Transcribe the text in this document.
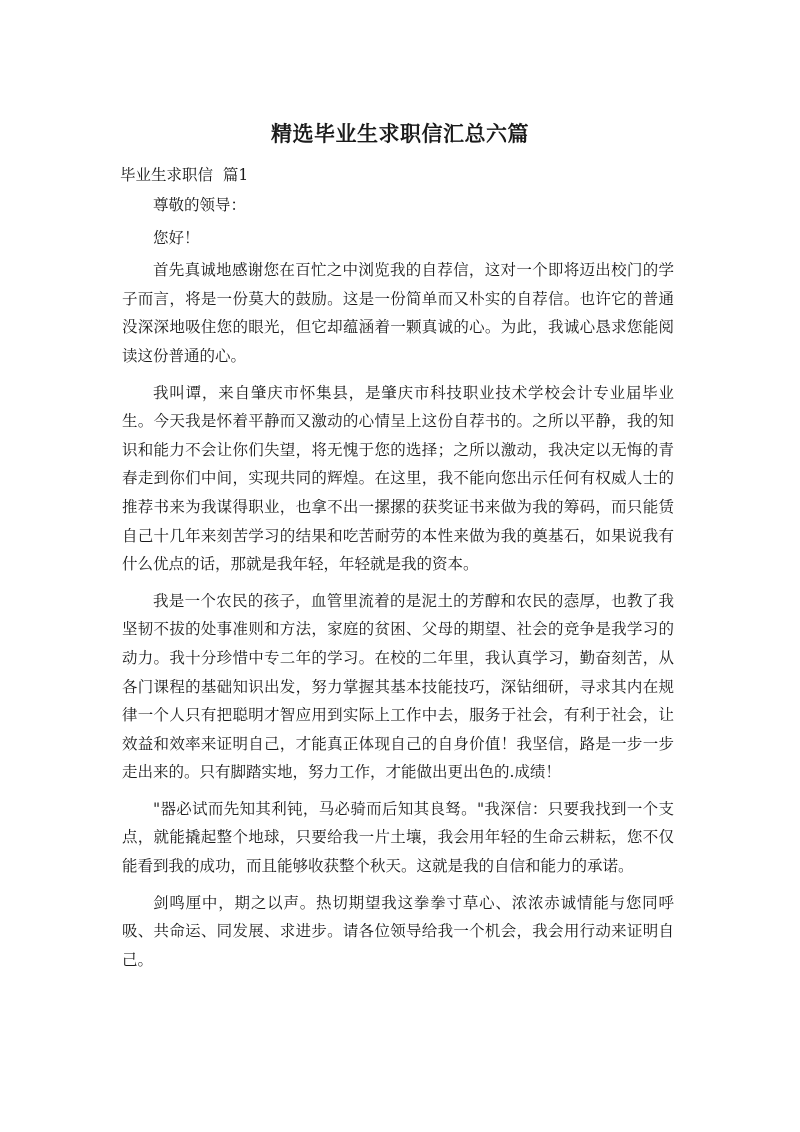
精选毕业生求职信汇总六篇
毕业生求职信  篇1

尊敬的领导：

您好！

首先真诚地感谢您在百忙之中浏览我的自荐信，这对一个即将迈出校门的学子而言，将是一份莫大的鼓励。这是一份简单而又朴实的自荐信。也许它的普通没深深地吸住您的眼光，但它却蕴涵着一颗真诚的心。为此，我诚心恳求您能阅读这份普通的心。

我叫谭，来自肇庆市怀集县，是肇庆市科技职业技术学校会计专业届毕业生。今天我是怀着平静而又激动的心情呈上这份自荐书的。之所以平静，我的知识和能力不会让你们失望，将无愧于您的选择；之所以激动，我决定以无悔的青春走到你们中间，实现共同的辉煌。在这里，我不能向您出示任何有权威人士的推荐书来为我谋得职业，也拿不出一摞摞的获奖证书来做为我的筹码，而只能赁自己十几年来刻苦学习的结果和吃苦耐劳的本性来做为我的奠基石，如果说我有什么优点的话，那就是我年轻，年轻就是我的资本。

我是一个农民的孩子，血管里流着的是泥土的芳醇和农民的悫厚，也教了我坚韧不拔的处事准则和方法，家庭的贫困、父母的期望、社会的竞争是我学习的动力。我十分珍惜中专二年的学习。在校的二年里，我认真学习，勤奋刻苦，从各门课程的基础知识出发，努力掌握其基本技能技巧，深钻细研，寻求其内在规律一个人只有把聪明才智应用到实际上工作中去，服务于社会，有利于社会，让效益和效率来证明自己，才能真正体现自己的自身价值！我坚信，路是一步一步走出来的。只有脚踏实地，努力工作，才能做出更出色的.成绩！

"器必试而先知其利钝，马必骑而后知其良驽。"我深信：只要我找到一个支点，就能撬起整个地球，只要给我一片土壤，我会用年轻的生命云耕耘，您不仅能看到我的成功，而且能够收获整个秋天。这就是我的自信和能力的承诺。

剑鸣厘中，期之以声。热切期望我这拳拳寸草心、浓浓赤诚情能与您同呼吸、共命运、同发展、求进步。请各位领导给我一个机会，我会用行动来证明自己。
